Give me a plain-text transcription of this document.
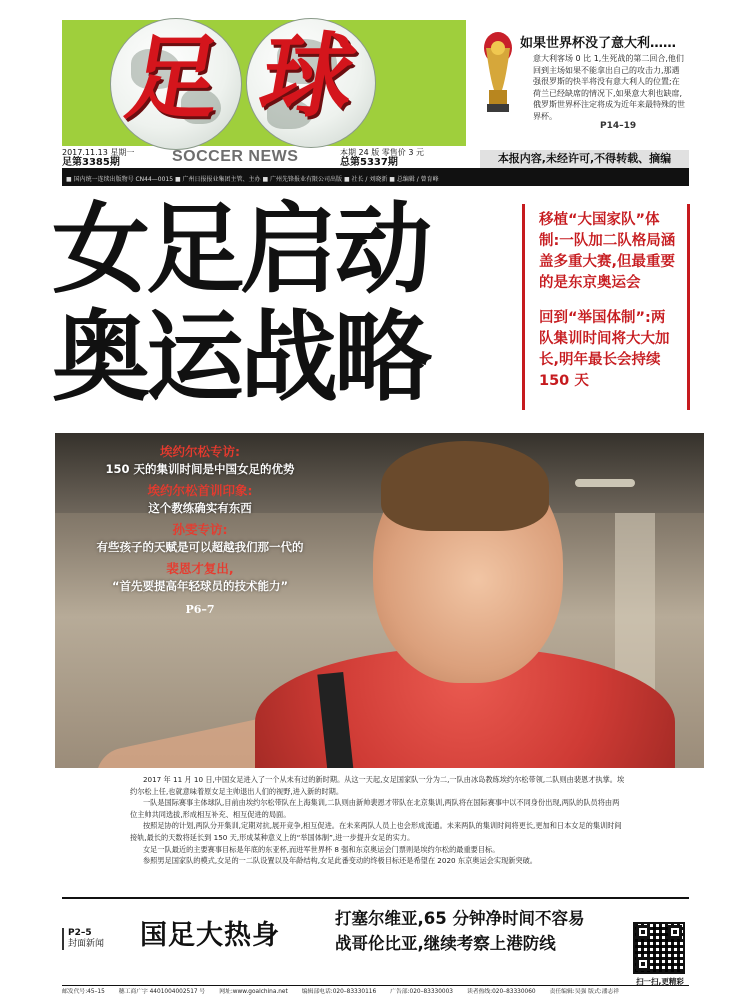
足 球
2017.11.13 星期一
足第3385期	SOCCER NEWS	本期 24 版 零售价 3 元
总第5337期
如果世界杯没了意大利……
意大利客场 0 比 1,生死战的第二回合,他们回到主场如果不能拿出自己的攻击力,那遇强很罗斯的快半将没有意大利人的位置;在荷兰已经缺席的情况下,如果意大利也缺席,俄罗斯世界杯注定将成为近年来最特殊的世界杯。
P14–19
本报内容,未经许可,不得转载、摘编
■ 国内统一连续出版物号 CN44—0015 ■ 广州日报报业集团主管、主办 ■ 广州先锋报业有限公司出版 ■ 社长 / 刘晓新 ■ 总编辑 / 曾育峰
女足启动
奥运战略
移植“大国家队”体制:一队加二队格局涵盖多重大赛,但最重要的是东京奥运会
回到“举国体制”:两队集训时间将大大加长,明年最长会持续 150 天
埃约尔松专访:
150 天的集训时间是中国女足的优势
埃约尔松首训印象:
这个教练确实有东西
孙雯专访:
有些孩子的天赋是可以超越我们那一代的
裴恩才复出,
“首先要提高年轻球员的技术能力”
P6–7

2017 年 11 月 10 日,中国女足进入了一个从未有过的新时期。从这一天起,女足国家队一分为二,一队由冰岛教练埃约尔松带领,二队则由裴恩才执掌。埃约尔松上任,也就意味着原女足主帅退出人们的视野,进入新的时期。

一队是国际赛事主体球队,目前由埃约尔松带队在上海集训,二队则由新帅裴恩才带队在北京集训,两队将在国际赛事中以不同身份出现,两队的队员将由两位主帅共同选拔,形成相互补充、相互促进的局面。

按照足协的计划,两队分开集训,定期对抗,展开竞争,相互促进。在未来两队人员上也会形成流通。未来两队的集训时间将更长,更加和日本女足的集训时间接轨,最长的天数将延长到 150 天,形成某种意义上的“举国体制”,进一步提升女足的实力。

女足一队最近的主要赛事目标是年底的东亚杯,而进军世界杯 8 强和东京奥运会门票则是埃约尔松的最重要目标。

参照男足国家队的模式,女足的一二队设置以及年龄结构,女足此番变动的终极目标还是希望在 2020 东京奥运会实现新突破。

P2–5
封面新闻 国足大热身
打塞尔维亚,65 分钟净时间不容易
战哥伦比亚,继续考察上港防线
扫一扫,更精彩
邮发代号:45–15 穗工商广字 4401004002517 号 网址:www.goalchina.net 编辑部电话:020–83330116 广告部:020–83330003 读者热线:020–83330060 责任编辑:吴强 版式:潘志祥
